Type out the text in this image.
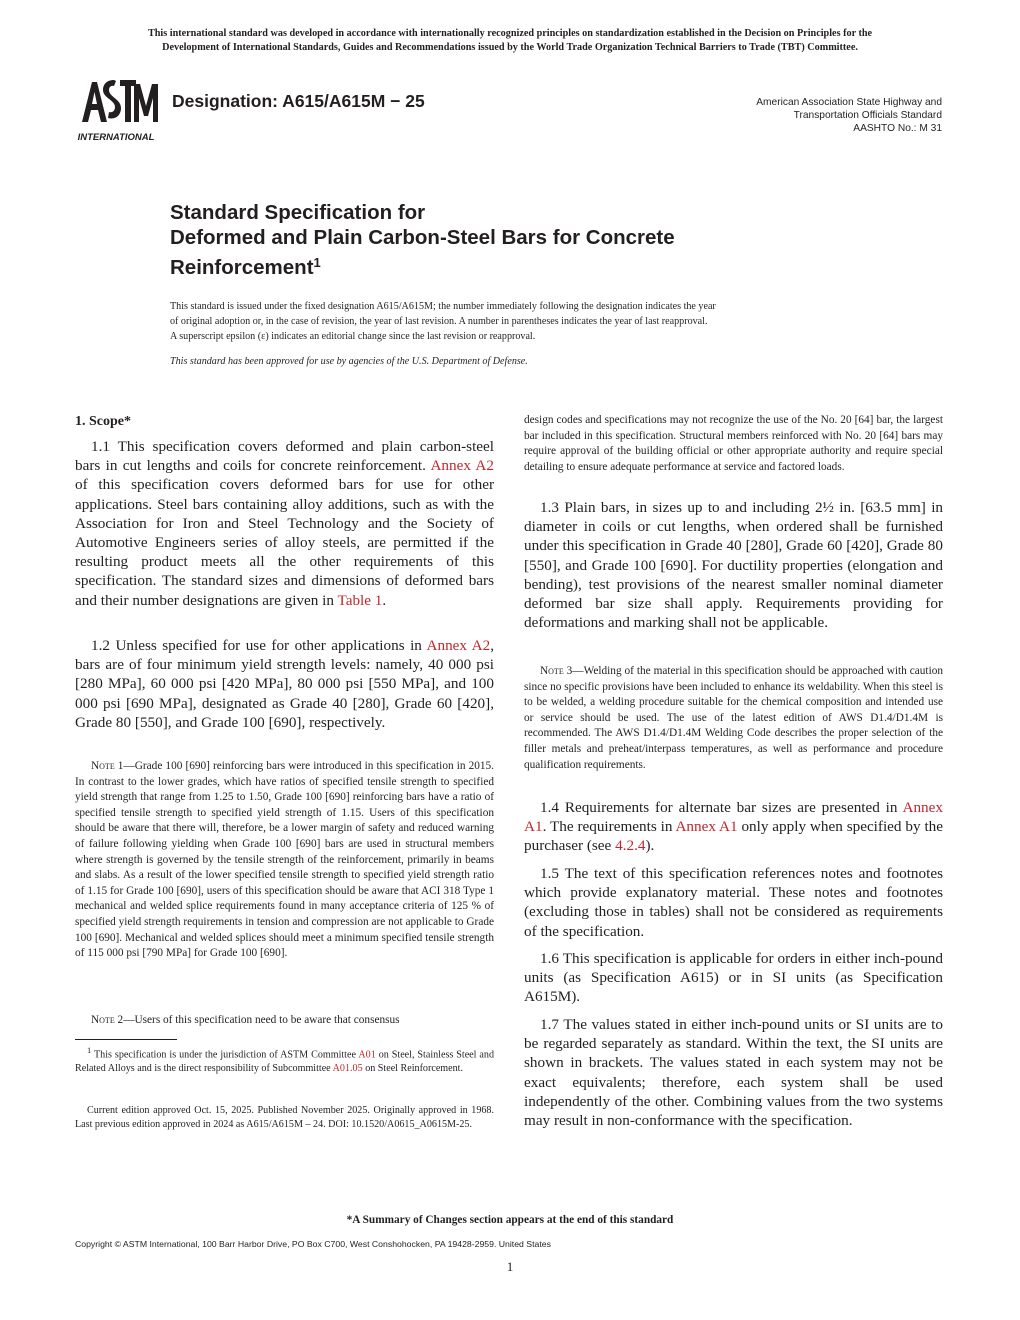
This international standard was developed in accordance with internationally recognized principles on standardization established in the Decision on Principles for the
Development of International Standards, Guides and Recommendations issued by the World Trade Organization Technical Barriers to Trade (TBT) Committee.
INTERNATIONAL
Designation: A615/A615M − 25	American Association State Highway and
Transportation Officials Standard
AASHTO No.: M 31
Standard Specification for
Deformed and Plain Carbon-Steel Bars for Concrete
Reinforcement$^1$
This standard is issued under the fixed designation A615/A615M; the number immediately following the designation indicates the year
of original adoption or, in the case of revision, the year of last revision. A number in parentheses indicates the year of last reapproval.
A superscript epsilon (ε) indicates an editorial change since the last revision or reapproval.
This standard has been approved for use by agencies of the U.S. Department of Defense.
1. Scope*
1.1 This specification covers deformed and plain carbon-steel bars in cut lengths and coils for concrete reinforcement. Annex A2 of this specification covers deformed bars for use for other applications. Steel bars containing alloy additions, such as with the Association for Iron and Steel Technology and the Society of Automotive Engineers series of alloy steels, are permitted if the resulting product meets all the other requirements of this specification. The standard sizes and dimensions of deformed bars and their number designations are given in Table 1.
1.2 Unless specified for use for other applications in Annex A2, bars are of four minimum yield strength levels: namely, 40 000 psi [280 MPa], 60 000 psi [420 MPa], 80 000 psi [550 MPa], and 100 000 psi [690 MPa], designated as Grade 40 [280], Grade 60 [420], Grade 80 [550], and Grade 100 [690], respectively.
Note 1—Grade 100 [690] reinforcing bars were introduced in this specification in 2015. In contrast to the lower grades, which have ratios of specified tensile strength to specified yield strength that range from 1.25 to 1.50, Grade 100 [690] reinforcing bars have a ratio of specified tensile strength to specified yield strength of 1.15. Users of this specification should be aware that there will, therefore, be a lower margin of safety and reduced warning of failure following yielding when Grade 100 [690] bars are used in structural members where strength is governed by the tensile strength of the reinforcement, primarily in beams and slabs. As a result of the lower specified tensile strength to specified yield strength ratio of 1.15 for Grade 100 [690], users of this specification should be aware that ACI 318 Type 1 mechanical and welded splice requirements found in many acceptance criteria of 125 % of specified yield strength requirements in tension and compression are not applicable to Grade 100 [690]. Mechanical and welded splices should meet a minimum specified tensile strength of 115 000 psi [790 MPa] for Grade 100 [690].
Note 2—Users of this specification need to be aware that consensus
$^1$ This specification is under the jurisdiction of ASTM Committee A01 on Steel, Stainless Steel and Related Alloys and is the direct responsibility of Subcommittee A01.05 on Steel Reinforcement.
Current edition approved Oct. 15, 2025. Published November 2025. Originally approved in 1968. Last previous edition approved in 2024 as A615/A615M – 24. DOI: 10.1520/A0615_A0615M-25.
design codes and specifications may not recognize the use of the No. 20 [64] bar, the largest bar included in this specification. Structural members reinforced with No. 20 [64] bars may require approval of the building official or other appropriate authority and require special detailing to ensure adequate performance at service and factored loads.
1.3 Plain bars, in sizes up to and including 2½ in. [63.5 mm] in diameter in coils or cut lengths, when ordered shall be furnished under this specification in Grade 40 [280], Grade 60 [420], Grade 80 [550], and Grade 100 [690]. For ductility properties (elongation and bending), test provisions of the nearest smaller nominal diameter deformed bar size shall apply. Requirements providing for deformations and marking shall not be applicable.
Note 3—Welding of the material in this specification should be approached with caution since no specific provisions have been included to enhance its weldability. When this steel is to be welded, a welding procedure suitable for the chemical composition and intended use or service should be used. The use of the latest edition of AWS D1.4/D1.4M is recommended. The AWS D1.4/D1.4M Welding Code describes the proper selection of the filler metals and preheat/interpass temperatures, as well as performance and procedure qualification requirements.
1.4 Requirements for alternate bar sizes are presented in Annex A1. The requirements in Annex A1 only apply when specified by the purchaser (see 4.2.4).
1.5 The text of this specification references notes and footnotes which provide explanatory material. These notes and footnotes (excluding those in tables) shall not be considered as requirements of the specification.
1.6 This specification is applicable for orders in either inch-pound units (as Specification A615) or in SI units (as Specification A615M).
1.7 The values stated in either inch-pound units or SI units are to be regarded separately as standard. Within the text, the SI units are shown in brackets. The values stated in each system may not be exact equivalents; therefore, each system shall be used independently of the other. Combining values from the two systems may result in non-conformance with the specification.
*A Summary of Changes section appears at the end of this standard
Copyright © ASTM International, 100 Barr Harbor Drive, PO Box C700, West Conshohocken, PA 19428-2959. United States
1
